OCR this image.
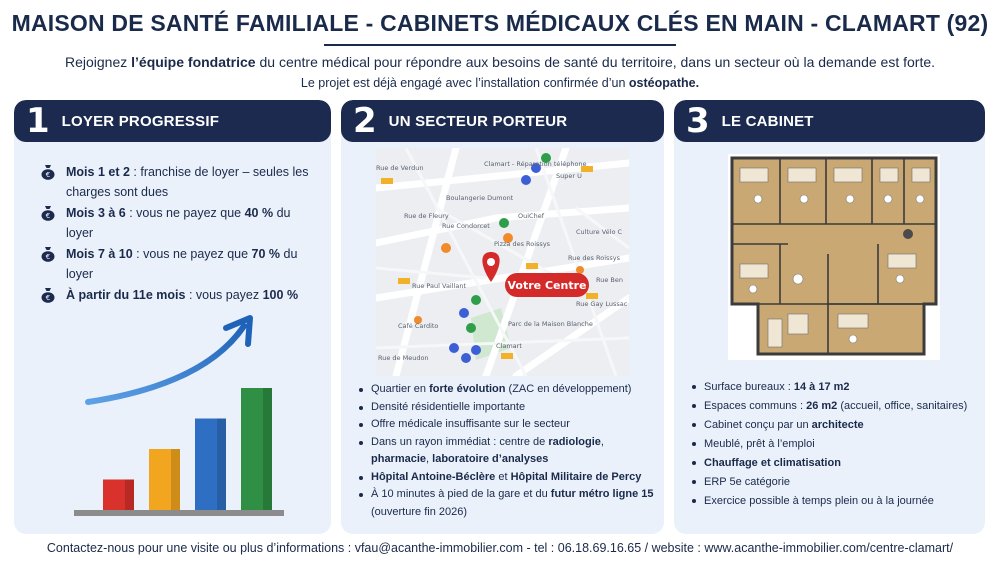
MAISON DE SANTÉ FAMILIALE - CABINETS MÉDICAUX CLÉS EN MAIN - CLAMART (92)
Rejoignez l’équipe fondatrice du centre médical pour répondre aux besoins de santé du territoire, dans un secteur où la demande est forte.
Le projet est déjà engagé avec l’installation confirmée d’un ostéopathe.
1 LOYER PROGRESSIF
€ Mois 1 et 2 : franchise de loyer – seules les charges sont dues
€ Mois 3 à 6 : vous ne payez que 40 % du loyer
€ Mois 7 à 10 : vous ne payez que 70 % du loyer
€ À partir du 11e mois : vous payez 100 %
2 UN SECTEUR PORTEUR
Clamart - Réparation téléphone
Super U
Boulangerie Dumont
Rue de Verdun
Rue de Fleury
Rue Condorcet
OuiChef
Pizza des Roissys
Culture Vélo C
Rue des Roissys
Rue Ben
Rue Gay Lussac
Café Cardito	Parc de la Maison Blanche
Clamart
Rue de Meudon
Rue Paul Vaillant	Votre Centre
Quartier en forte évolution (ZAC en développement)
Densité résidentielle importante
Offre médicale insuffisante sur le secteur
Dans un rayon immédiat : centre de radiologie, pharmacie, laboratoire d’analyses
Hôpital Antoine-Béclère et Hôpital Militaire de Percy
À 10 minutes à pied de la gare et du futur métro ligne 15 (ouverture fin 2026)
3 LE CABINET
Surface bureaux : 14 à 17 m2
Espaces communs : 26 m2 (accueil, office, sanitaires)
Cabinet conçu par un architecte
Meublé, prêt à l’emploi
Chauffage et climatisation
ERP 5e catégorie
Exercice possible à temps plein ou à la journée
Contactez-nous pour une visite ou plus d’informations : vfau@acanthe-immobilier.com - tel : 06.18.69.16.65 / website : www.acanthe-immobilier.com/centre-clamart/
